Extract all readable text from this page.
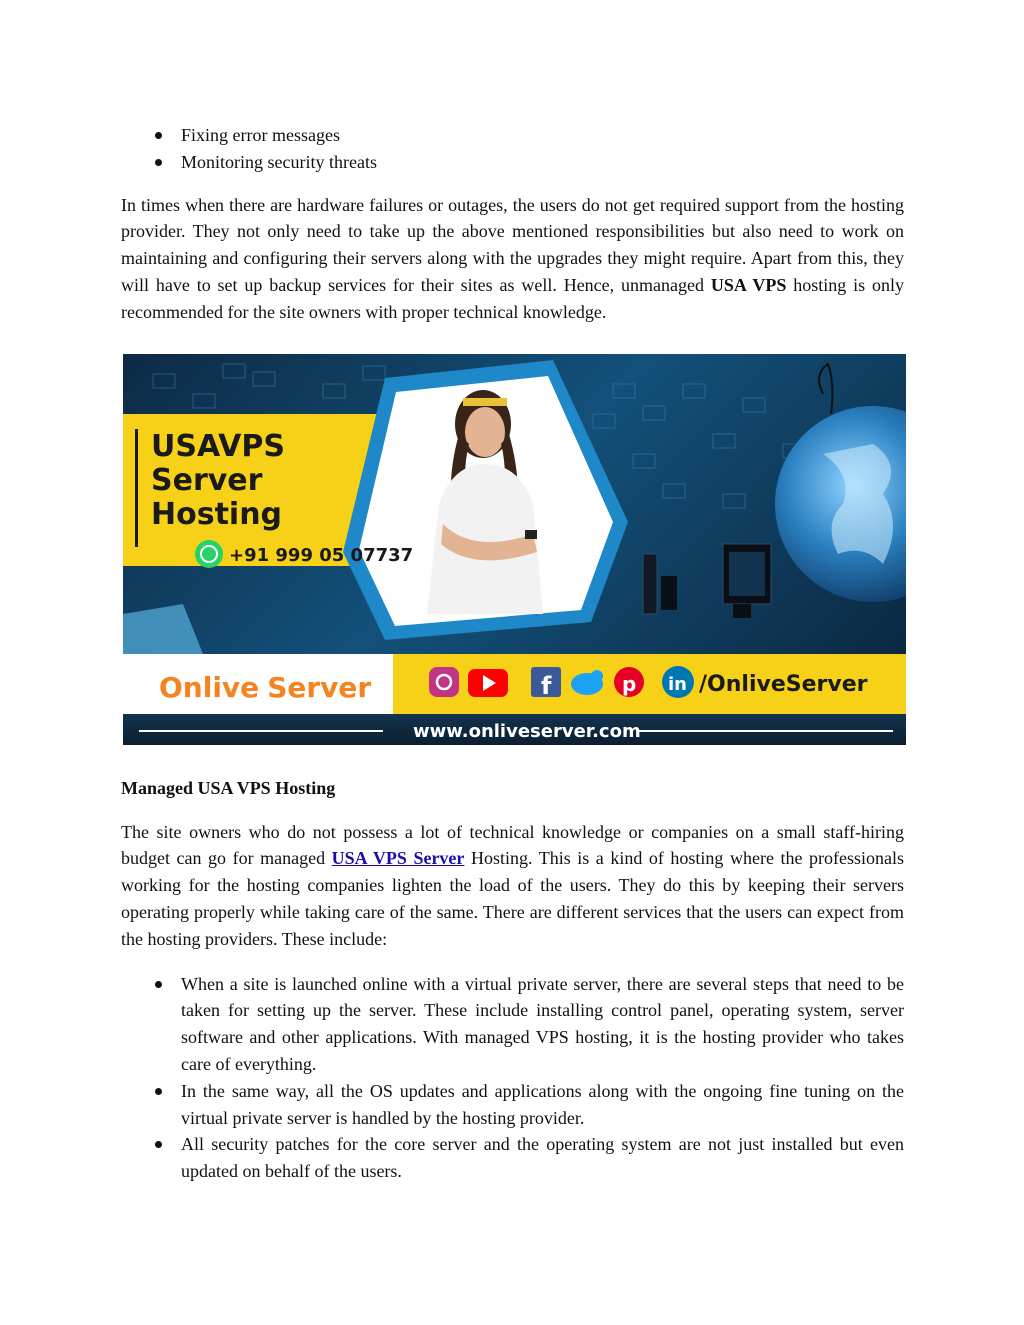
Fixing error messages
Monitoring security threats

In times when there are hardware failures or outages, the users do not get required support from the hosting provider. They not only need to take up the above mentioned responsibilities but also need to work on maintaining and configuring their servers along with the upgrades they might require. Apart from this, they will have to set up backup services for their sites as well. Hence, unmanaged USA VPS hosting is only recommended for the site owners with proper technical knowledge.

USAVPS
Server
Hosting
+91 999 05 07737
Onlive Server	f	p in /OnliveServer
www.onliveserver.com

Managed USA VPS Hosting

The site owners who do not possess a lot of technical knowledge or companies on a small staff-hiring budget can go for managed USA VPS Server Hosting. This is a kind of hosting where the professionals working for the hosting companies lighten the load of the users. They do this by keeping their servers operating properly while taking care of the same. There are different services that the users can expect from the hosting providers. These include:

When a site is launched online with a virtual private server, there are several steps that need to be taken for setting up the server. These include installing control panel, operating system, server software and other applications. With managed VPS hosting, it is the hosting provider who takes care of everything.
In the same way, all the OS updates and applications along with the ongoing fine tuning on the virtual private server is handled by the hosting provider.
All security patches for the core server and the operating system are not just installed but even updated on behalf of the users.
